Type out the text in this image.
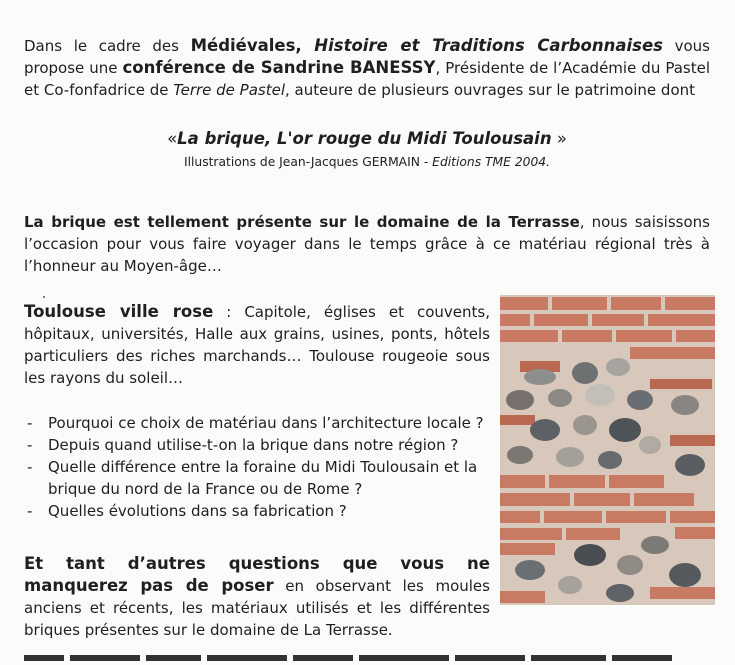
Dans le cadre des Médiévales, Histoire et Traditions Carbonnaises vous propose une conférence de Sandrine BANESSY, Présidente de l’Académie du Pastel et Co-fonfadrice de Terre de Pastel, auteure de plusieurs ouvrages sur le patrimoine dont

«La brique, L'or rouge du Midi Toulousain »

Illustrations de Jean-Jacques GERMAIN - Editions TME 2004.

La brique est tellement présente sur le domaine de la Terrasse, nous saisissons l’occasion pour vous faire voyager dans le temps grâce à ce matériau régional très à l’honneur au Moyen-âge…

Toulouse ville rose : Capitole, églises et couvents, hôpitaux, universités, Halle aux grains, usines, ponts, hôtels particuliers des riches marchands… Toulouse rougeoie sous les rayons du soleil…

- Pourquoi ce choix de matériau dans l’architecture locale ?
- Depuis quand utilise-t-on la brique dans notre région ?
- Quelle différence entre la foraine du Midi Toulousain et la brique du nord de la France ou de Rome ?
- Quelles évolutions dans sa fabrication ?

Et tant d’autres questions que vous ne manquerez pas de poser en observant les moules anciens et récents, les matériaux utilisés et les différentes briques présentes sur le domaine de La Terrasse.
